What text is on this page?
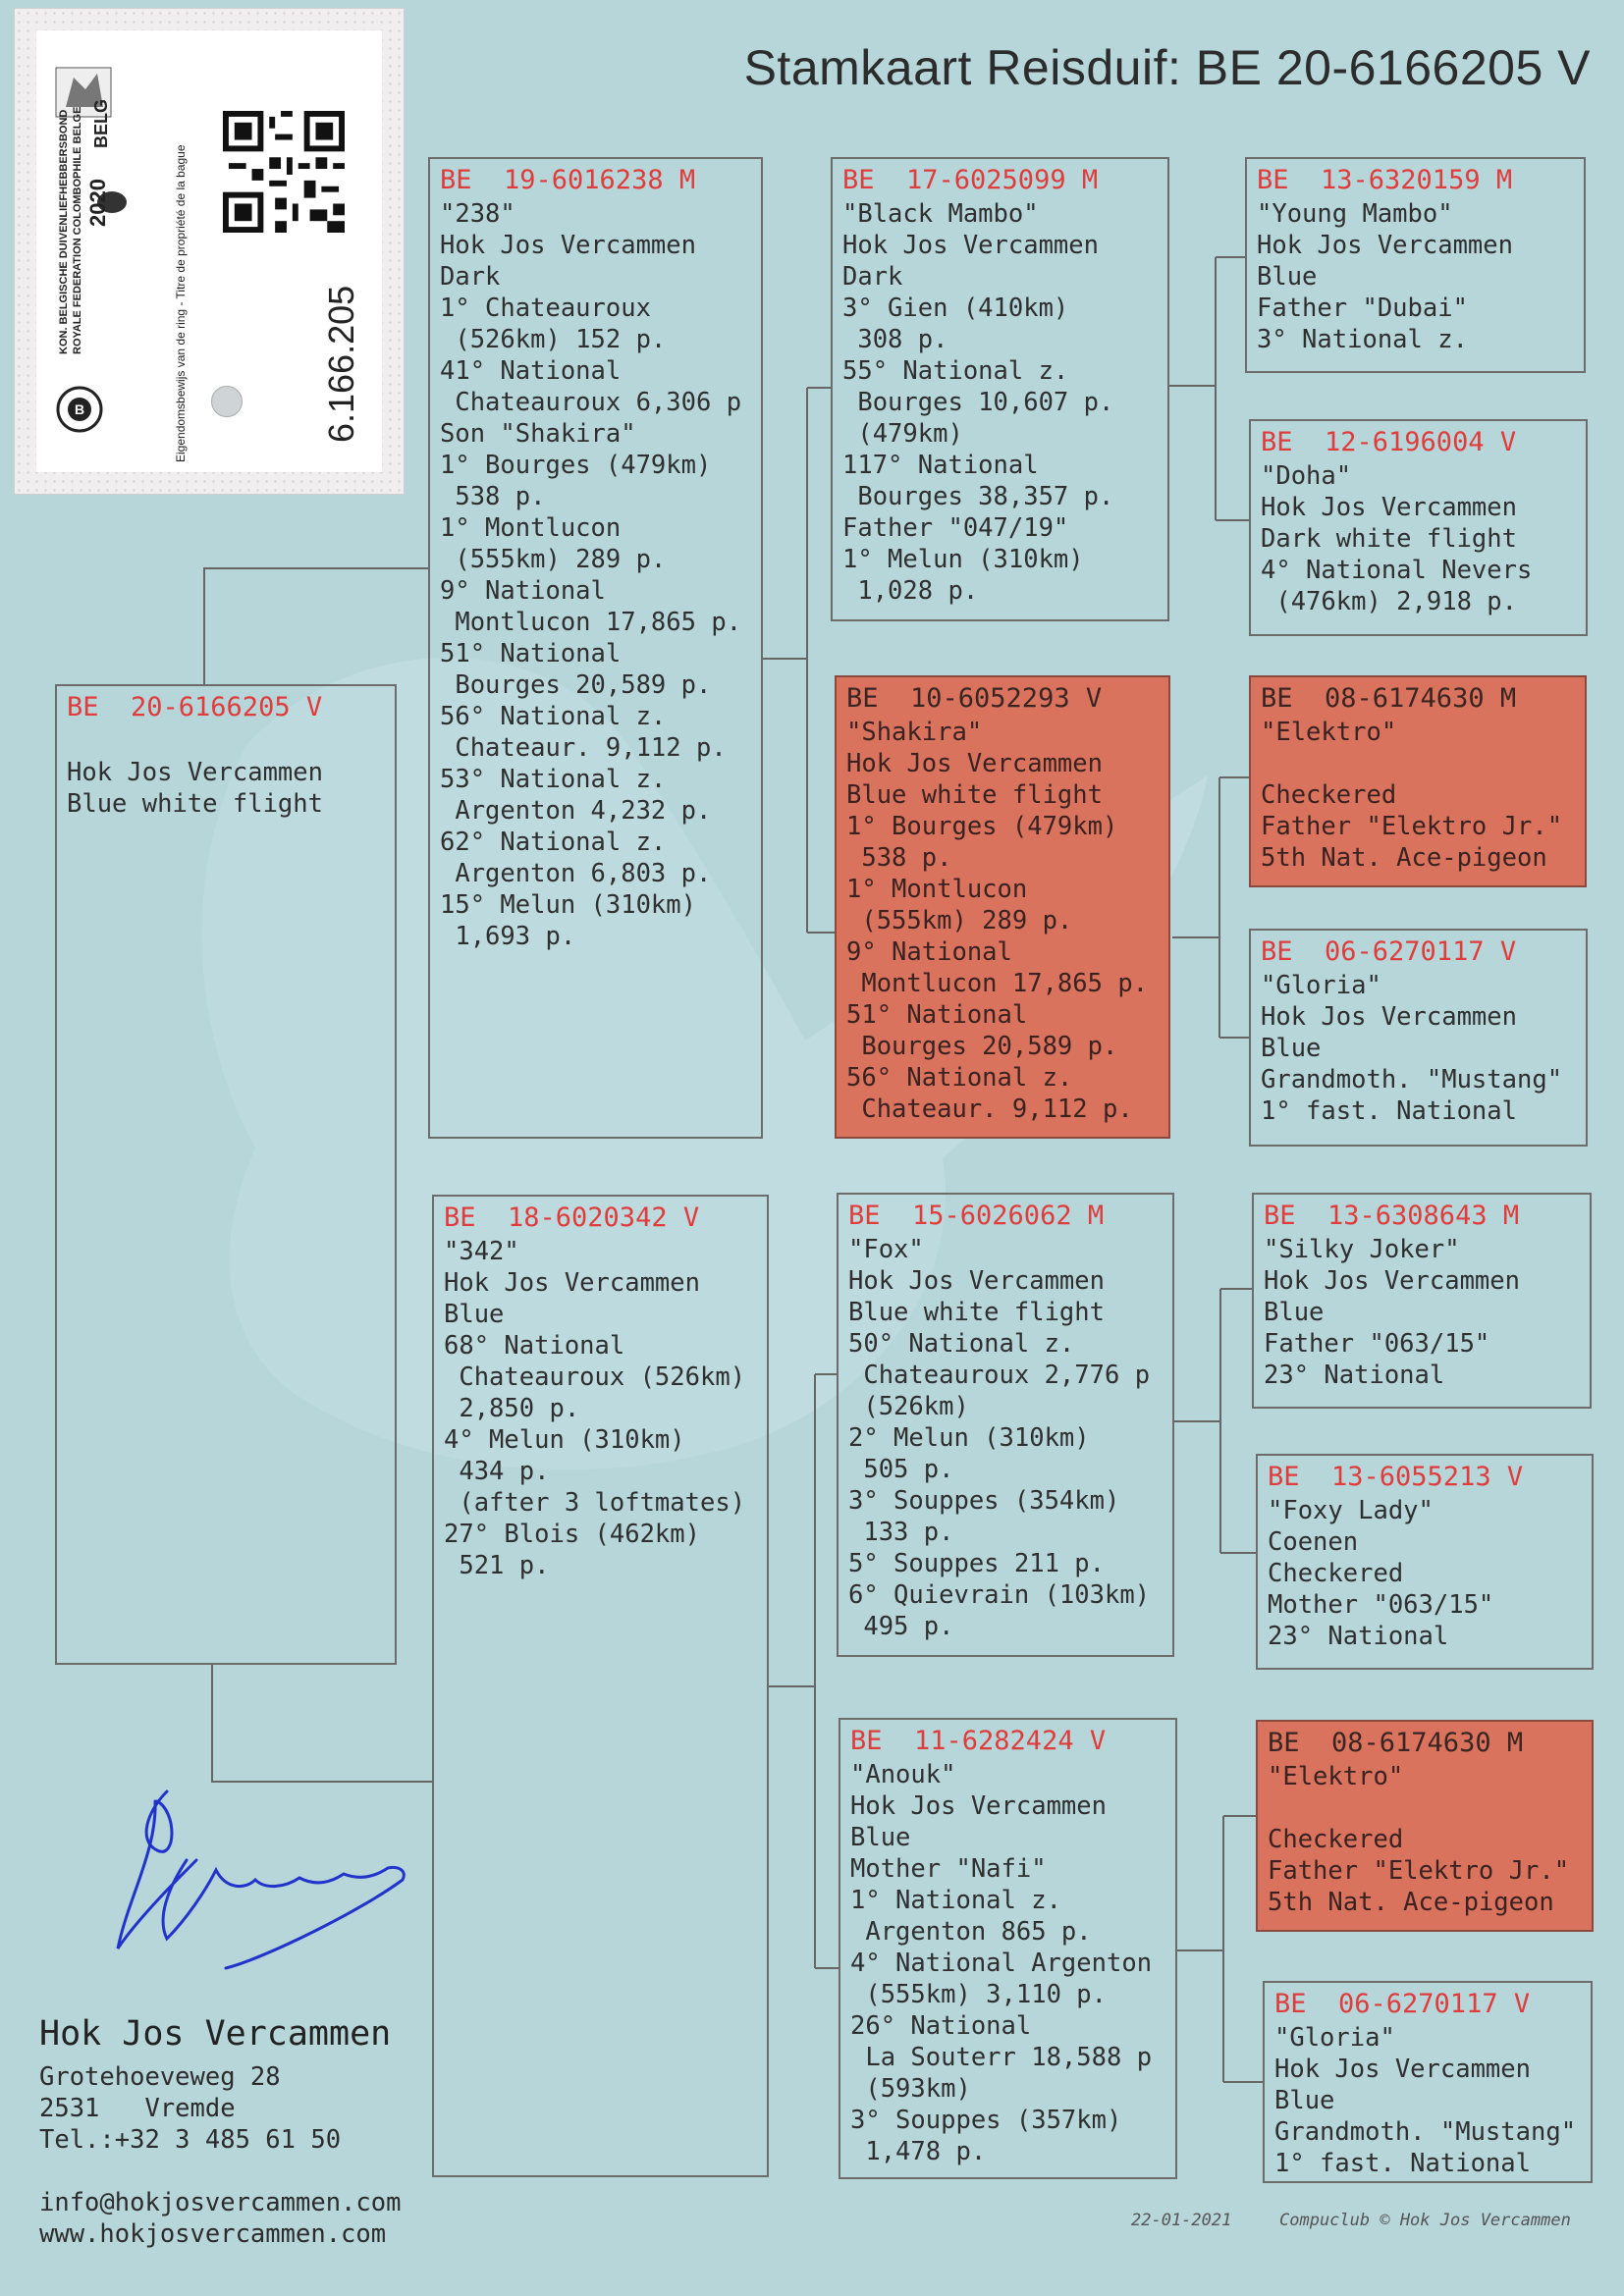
B
KON. BELGISCHE DUIVENLIEFHEBBERSBOND ROYALE FEDERATION COLOMBOPHILE BELGE 2020
BELG
Eigendomsbewijs van de ring - Titre de propriété de la bague	6.166.205
Stamkaart Reisduif: BE 20-6166205 V
BE  20-6166205 V
Hok Jos Vercammen
Blue white flight
BE  19-6016238 M
"238"
Hok Jos Vercammen
Dark
1° Chateauroux
(526km) 152 p.
41° National
Chateauroux 6,306 p
Son "Shakira"
1° Bourges (479km)
538 p.
1° Montlucon
(555km) 289 p.
9° National
Montlucon 17,865 p.
51° National
Bourges 20,589 p.
56° National z.
Chateaur. 9,112 p.
53° National z.
Argenton 4,232 p.
62° National z.
Argenton 6,803 p.
15° Melun (310km)
1,693 p.
BE  18-6020342 V
"342"
Hok Jos Vercammen
Blue
68° National
Chateauroux (526km)
2,850 p.
4° Melun (310km)
434 p.
(after 3 loftmates)
27° Blois (462km)
521 p.
BE  17-6025099 M
"Black Mambo"
Hok Jos Vercammen
Dark
3° Gien (410km)
308 p.
55° National z.
Bourges 10,607 p.
(479km)
117° National
Bourges 38,357 p.
Father "047/19"
1° Melun (310km)
1,028 p.
BE  10-6052293 V
"Shakira"
Hok Jos Vercammen
Blue white flight
1° Bourges (479km)
538 p.
1° Montlucon
(555km) 289 p.
9° National
Montlucon 17,865 p.
51° National
Bourges 20,589 p.
56° National z.
Chateaur. 9,112 p.
BE  15-6026062 M
"Fox"
Hok Jos Vercammen
Blue white flight
50° National z.
Chateauroux 2,776 p
(526km)
2° Melun (310km)
505 p.
3° Souppes (354km)
133 p.
5° Souppes 211 p.
6° Quievrain (103km)
495 p.
BE  11-6282424 V
"Anouk"
Hok Jos Vercammen
Blue
Mother "Nafi"
1° National z.
Argenton 865 p.
4° National Argenton
(555km) 3,110 p.
26° National
La Souterr 18,588 p
(593km)
3° Souppes (357km)
1,478 p.
BE  13-6320159 M
"Young Mambo"
Hok Jos Vercammen
Blue
Father "Dubai"
3° National z.
BE  12-6196004 V
"Doha"
Hok Jos Vercammen
Dark white flight
4° National Nevers
(476km) 2,918 p.
BE  08-6174630 M
"Elektro"
Checkered
Father "Elektro Jr."
5th Nat. Ace-pigeon
BE  06-6270117 V
"Gloria"
Hok Jos Vercammen
Blue
Grandmoth. "Mustang"
1° fast. National
BE  13-6308643 M
"Silky Joker"
Hok Jos Vercammen
Blue
Father "063/15"
23° National
BE  13-6055213 V
"Foxy Lady"
Coenen
Checkered
Mother "063/15"
23° National
BE  08-6174630 M
"Elektro"
Checkered
Father "Elektro Jr."
5th Nat. Ace-pigeon
BE  06-6270117 V
"Gloria"
Hok Jos Vercammen
Blue
Grandmoth. "Mustang"
1° fast. National
Hok Jos Vercammen
Grotehoeveweg 28
2531   Vremde
Tel.:+32 3 485 61 50
info@hokjosvercammen.com
www.hokjosvercammen.com	22-01-2021	Compuclub © Hok Jos Vercammen
